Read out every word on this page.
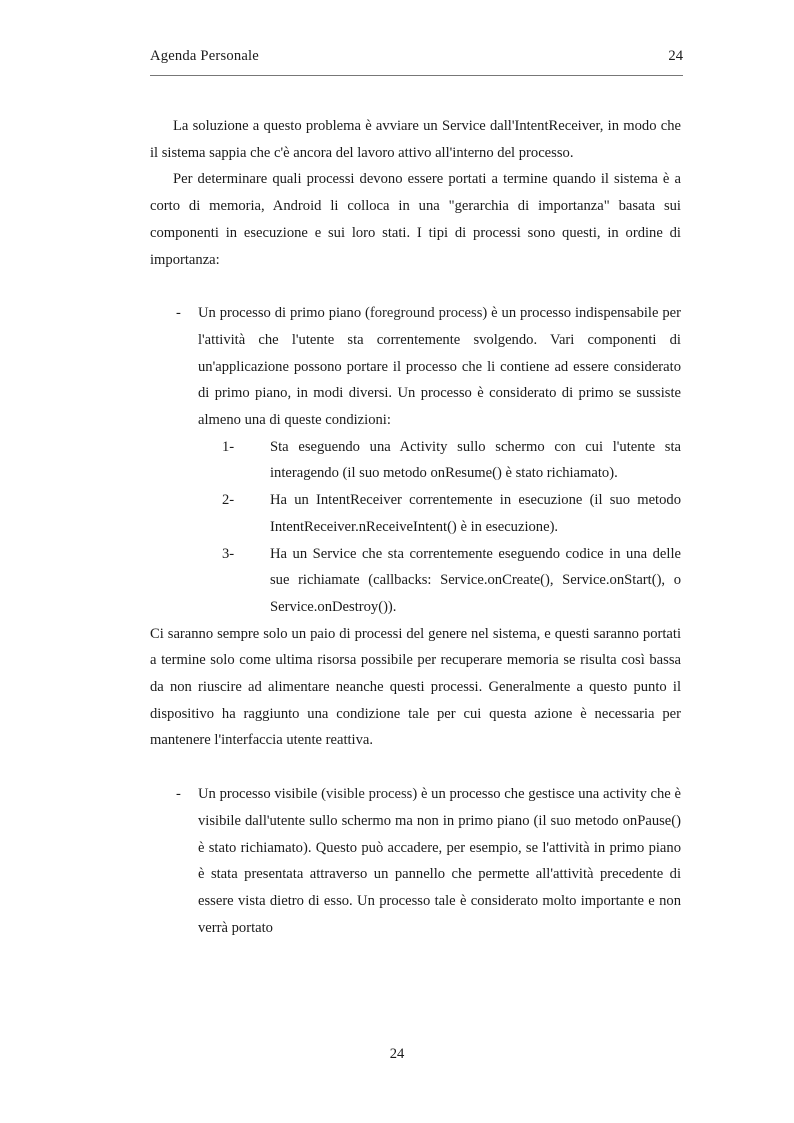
Agenda Personale	24

La soluzione a questo problema è avviare un Service dall'IntentReceiver, in modo che il sistema sappia che c'è ancora del lavoro attivo all'interno del processo.

Per determinare quali processi devono essere portati a termine quando il sistema è a corto di memoria, Android li colloca in una "gerarchia di importanza" basata sui componenti in esecuzione e sui loro stati. I tipi di processi sono questi, in ordine di importanza:

- Un processo di primo piano (foreground process) è un processo indispensabile per l'attività che l'utente sta correntemente svolgendo. Vari componenti di un'applicazione possono portare il processo che li contiene ad essere considerato di primo piano, in modi diversi. Un processo è considerato di primo se sussiste almeno una di queste condizioni:

1- Sta eseguendo una Activity sullo schermo con cui l'utente sta interagendo (il suo metodo onResume() è stato richiamato).

2- Ha un IntentReceiver correntemente in esecuzione (il suo metodo IntentReceiver.nReceiveIntent() è in esecuzione).

3- Ha un Service che sta correntemente eseguendo codice in una delle sue richiamate (callbacks: Service.onCreate(), Service.onStart(), o Service.onDestroy()).

Ci saranno sempre solo un paio di processi del genere nel sistema, e questi saranno portati a termine solo come ultima risorsa possibile per recuperare memoria se risulta così bassa da non riuscire ad alimentare neanche questi processi. Generalmente a questo punto il dispositivo ha raggiunto una condizione tale per cui questa azione è necessaria per mantenere l'interfaccia utente reattiva.

- Un processo visibile (visible process) è un processo che gestisce una activity che è visibile dall'utente sullo schermo ma non in primo piano (il suo metodo onPause() è stato richiamato). Questo può accadere, per esempio, se l'attività in primo piano è stata presentata attraverso un pannello che permette all'attività precedente di essere vista dietro di esso. Un processo tale è considerato molto importante e non verrà portato

24
